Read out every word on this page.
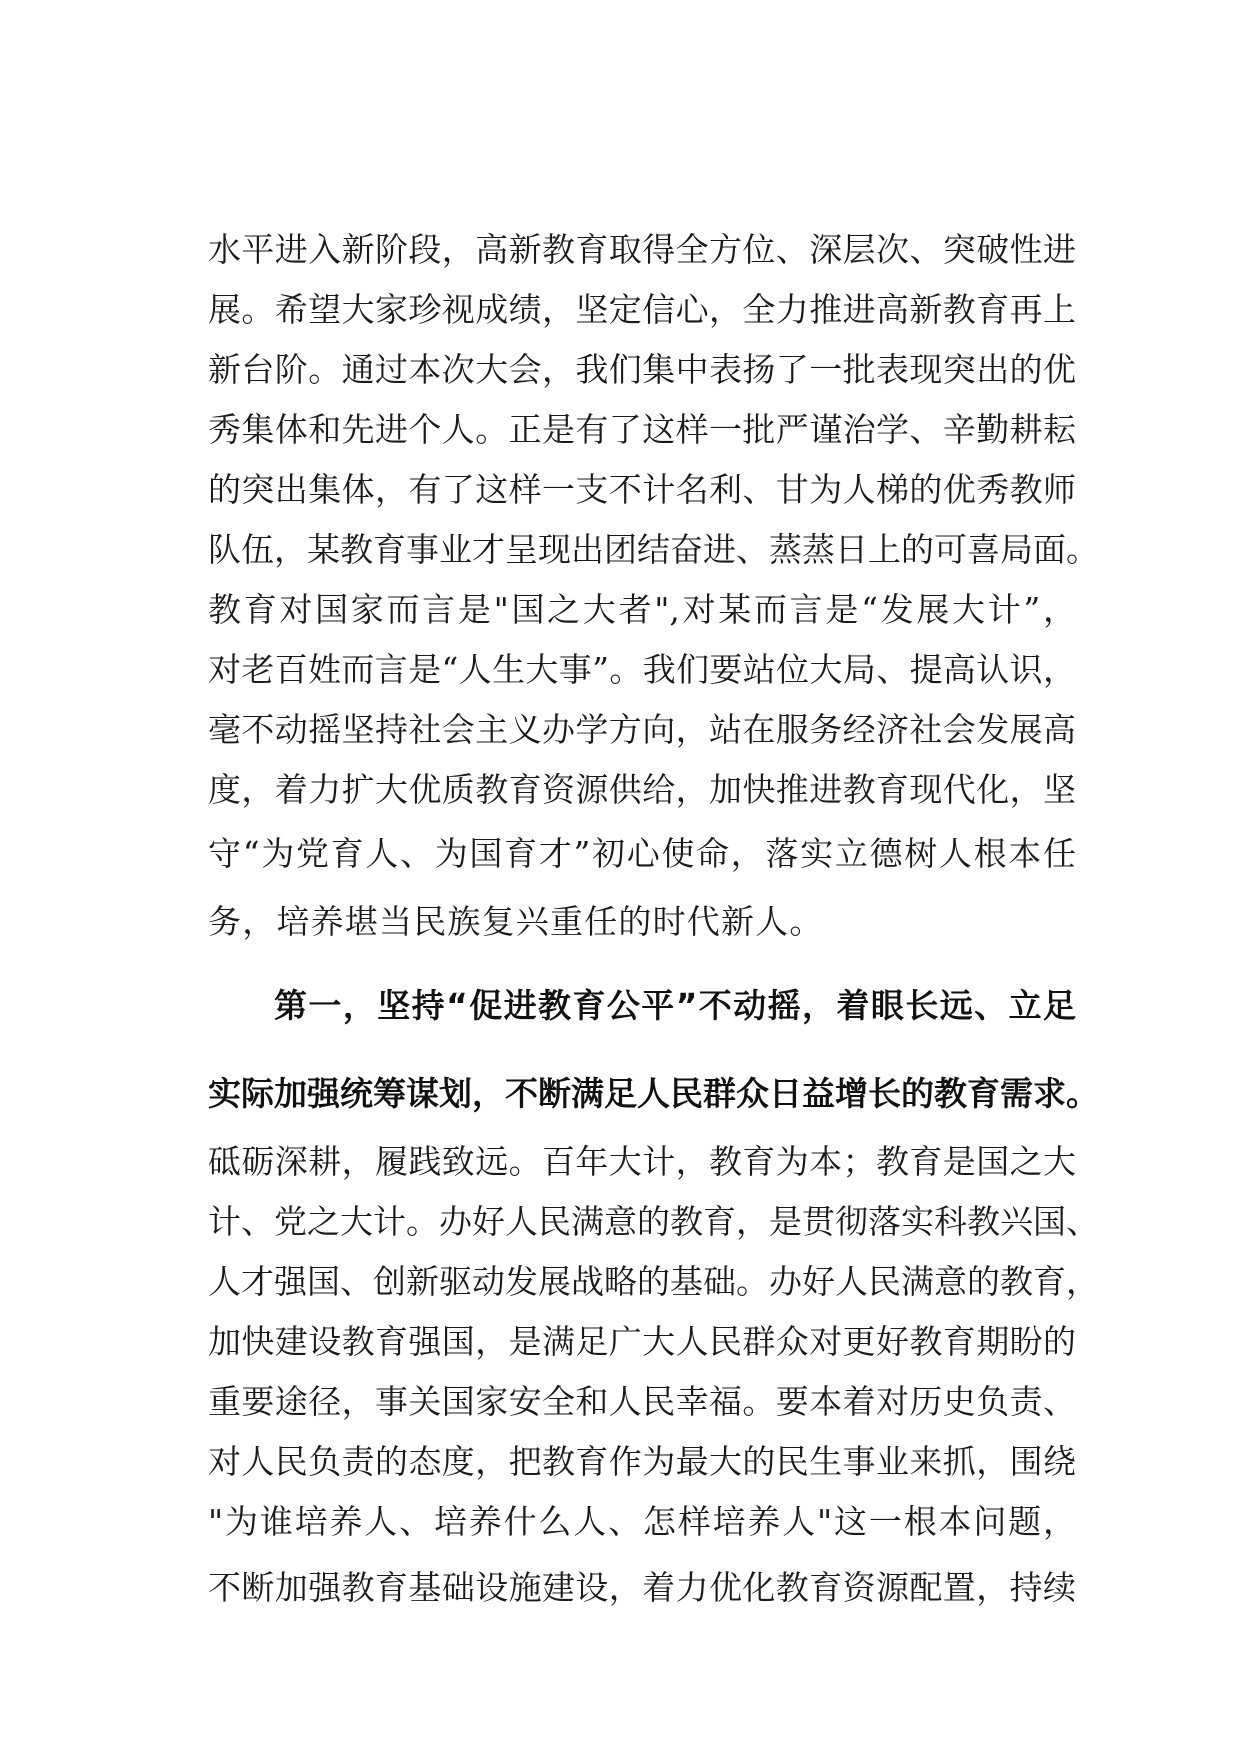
水平进入新阶段，高新教育取得全方位、深层次、突破性进

展。希望大家珍视成绩，坚定信心，全力推进高新教育再上

新台阶。通过本次大会，我们集中表扬了一批表现突出的优

秀集体和先进个人。正是有了这样一批严谨治学、辛勤耕耘

的突出集体，有了这样一支不计名利、甘为人梯的优秀教师

队伍，某教育事业才呈现出团结奋进、蒸蒸日上的可喜局面。

教育对国家而言是"国之大者",对某而言是“发展大计”，

对老百姓而言是“人生大事”。我们要站位大局、提高认识，

毫不动摇坚持社会主义办学方向，站在服务经济社会发展高

度，着力扩大优质教育资源供给，加快推进教育现代化，坚

守“为党育人、为国育才”初心使命，落实立德树人根本任

务，培养堪当民族复兴重任的时代新人。

第一，坚持“促进教育公平”不动摇，着眼长远、立足

实际加强统筹谋划，不断满足人民群众日益增长的教育需求。

砥砺深耕，履践致远。百年大计，教育为本；教育是国之大

计、党之大计。办好人民满意的教育，是贯彻落实科教兴国、

人才强国、创新驱动发展战略的基础。办好人民满意的教育，

加快建设教育强国，是满足广大人民群众对更好教育期盼的

重要途径，事关国家安全和人民幸福。要本着对历史负责、

对人民负责的态度，把教育作为最大的民生事业来抓，围绕

"为谁培养人、培养什么人、怎样培养人"这一根本问题，

不断加强教育基础设施建设，着力优化教育资源配置，持续
